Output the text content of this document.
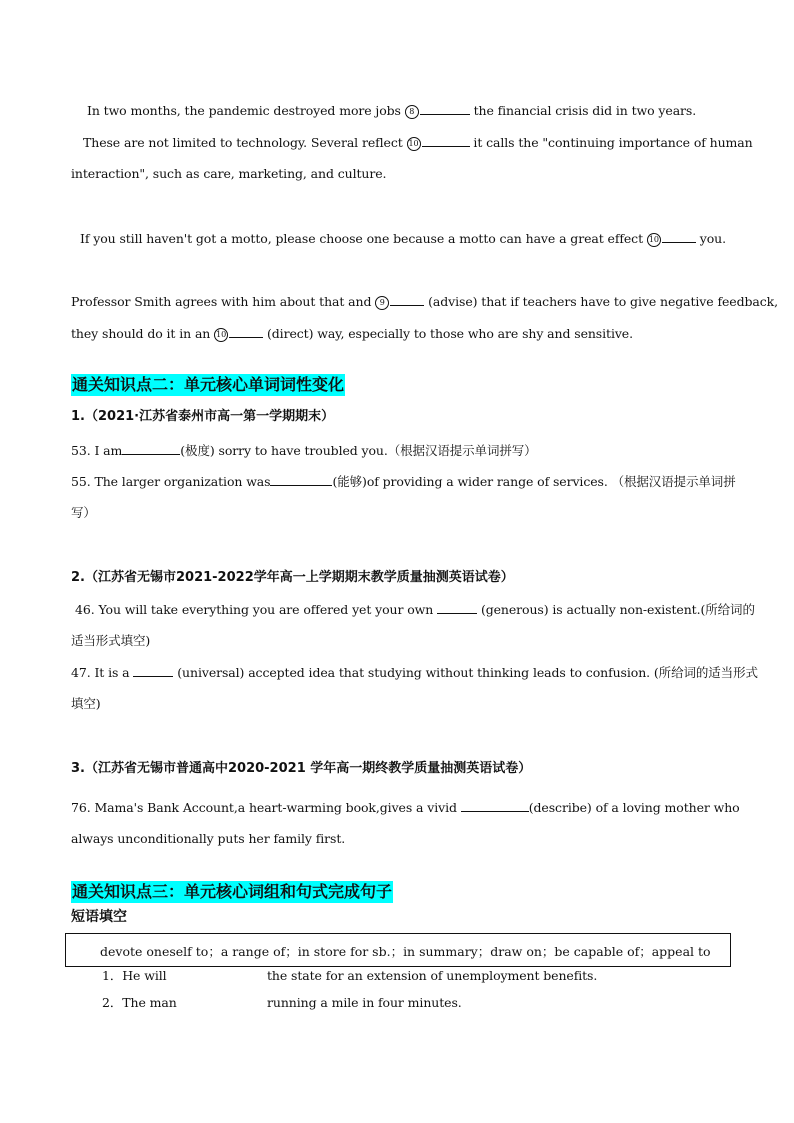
In two months, the pandemic destroyed more jobs 8	the financial crisis did in two years.
These are not limited to technology. Several reflect 10	it calls the "continuing importance of human
interaction", such as care, marketing, and culture.
If you still haven't got a motto, please choose one because a motto can have a great effect 10	you.
Professor Smith agrees with him about that and 9	(advise) that if teachers have to give negative feedback,
they should do it in an 10	(direct) way, especially to those who are shy and sensitive.
通关知识点二：单元核心单词词性变化
1.（2021·江苏省泰州市高一第一学期期末）
53. I am	(极度) sorry to have troubled you.（根据汉语提示单词拼写）
55. The larger organization was	(能够)of providing a wider range of services. （根据汉语提示单词拼
写）
2.（江苏省无锡市2021-2022学年高一上学期期末教学质量抽测英语试卷）
46. You will take everything you are offered yet your own	(generous) is actually non-existent.(所给词的
适当形式填空)
47. It is a	(universal) accepted idea that studying without thinking leads to confusion. (所给词的适当形式
填空)
3.（江苏省无锡市普通高中2020-2021 学年高一期终教学质量抽测英语试卷）
76. Mama's Bank Account,a heart-warming book,gives a vivid	(describe) of a loving mother who
always unconditionally puts her family first.
通关知识点三：单元核心词组和句式完成句子
短语填空
devote oneself to；a range of；in store for sb.；in summary；draw on；be capable of；appeal to
1．He will	the state for an extension of unemployment benefits.
2．The man	running a mile in four minutes.
